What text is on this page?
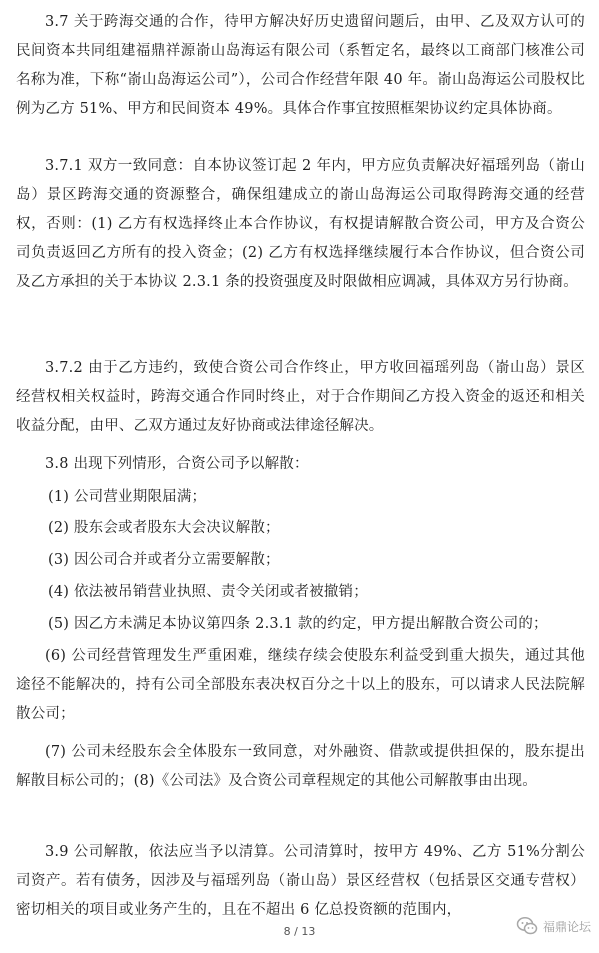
3.7 关于跨海交通的合作，待甲方解决好历史遗留问题后，由甲、乙及双方认可的民间资本共同组建福鼎祥源嵛山岛海运有限公司（系暂定名，最终以工商部门核准公司名称为准，下称“嵛山岛海运公司”），公司合作经营年限 40 年。嵛山岛海运公司股权比例为乙方 51%、甲方和民间资本 49%。具体合作事宜按照框架协议约定具体协商。

3.7.1 双方一致同意：自本协议签订起 2 年内，甲方应负责解决好福瑶列岛（嵛山岛）景区跨海交通的资源整合，确保组建成立的嵛山岛海运公司取得跨海交通的经营权，否则：(1) 乙方有权选择终止本合作协议，有权提请解散合资公司，甲方及合资公司负责返回乙方所有的投入资金；(2) 乙方有权选择继续履行本合作协议，但合资公司及乙方承担的关于本协议 2.3.1 条的投资强度及时限做相应调减，具体双方另行协商。

3.7.2 由于乙方违约，致使合资公司合作终止，甲方收回福瑶列岛（嵛山岛）景区经营权相关权益时，跨海交通合作同时终止，对于合作期间乙方投入资金的返还和相关收益分配，由甲、乙双方通过友好协商或法律途径解决。

3.8 出现下列情形，合资公司予以解散：

(1) 公司营业期限届满；

(2) 股东会或者股东大会决议解散；

(3) 因公司合并或者分立需要解散；

(4) 依法被吊销营业执照、责令关闭或者被撤销；

(5) 因乙方未满足本协议第四条 2.3.1 款的约定，甲方提出解散合资公司的；

(6) 公司经营管理发生严重困难，继续存续会使股东利益受到重大损失，通过其他途径不能解决的，持有公司全部股东表决权百分之十以上的股东，可以请求人民法院解散公司；

(7) 公司未经股东会全体股东一致同意，对外融资、借款或提供担保的，股东提出解散目标公司的；(8)《公司法》及合资公司章程规定的其他公司解散事由出现。

3.9 公司解散，依法应当予以清算。公司清算时，按甲方 49%、乙方 51%分割公司资产。若有债务，因涉及与福瑶列岛（嵛山岛）景区经营权（包括景区交通专营权）密切相关的项目或业务产生的，且在不超出 6 亿总投资额的范围内，

8 / 13	福鼎论坛
